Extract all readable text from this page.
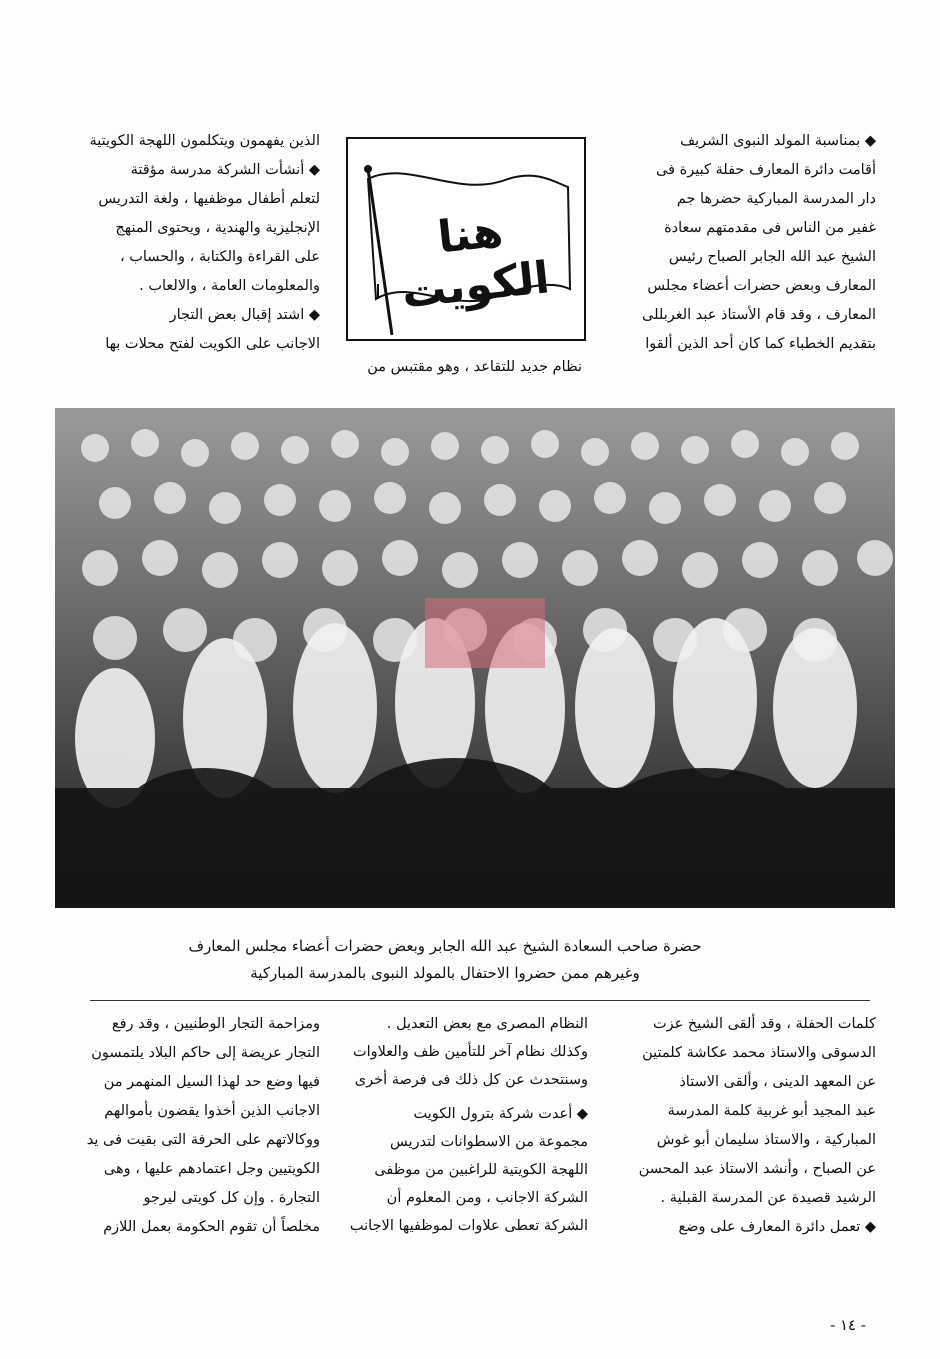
◆ بمناسبة المولد النبوى الشريف

أقامت دائرة المعارف حفلة كبيرة فى

دار المدرسة المباركية حضرها جم

غفير من الناس فى مقدمتهم سعادة

الشيخ عبد الله الجابر الصباح رئيس

المعارف وبعض حضرات أعضاء مجلس

المعارف ، وقد قام الأستاذ عبد الغربللى

بتقديم الخطباء كما كان أحد الذين ألقوا

هنا الكويت

نظام جديد للتقاعد ، وهو مقتبس من

الذين يفهمون ويتكلمون اللهجة الكويتية

◆ أنشأت الشركة مدرسة مؤقتة

لتعلم أطفال موظفيها ، ولغة التدريس

الإنجليزية والهندية ، ويحتوى المنهج

على القراءة والكتابة ، والحساب ،

والمعلومات العامة ، والالعاب .

◆ اشتد إقبال بعض التجار

الاجانب على الكويت لفتح محلات بها

حضرة صاحب السعادة الشيخ عبد الله الجابر وبعض حضرات أعضاء مجلس المعارف
وغيرهم ممن حضروا الاحتفال بالمولد النبوى بالمدرسة المباركية

كلمات الحفلة ، وقد ألقى الشيخ عزت

الدسوقى والاستاذ محمد عكاشة كلمتين

عن المعهد الدينى ، وألقى الاستاذ

عبد المجيد أبو غربية كلمة المدرسة

المباركية ، والاستاذ سليمان أبو غوش

عن الصباح ، وأنشد الاستاذ عبد المحسن

الرشيد قصيدة عن المدرسة القبلية .

◆ تعمل دائرة المعارف على وضع

النظام المصرى مع بعض التعديل .

وكذلك نظام آخر للتأمين ظف والعلاوات

وسنتحدث عن كل ذلك فى فرصة أخرى

◆ أعدت شركة بترول الكويت

مجموعة من الاسطوانات لتدريس

اللهجة الكويتية للراغبين من موظفى

الشركة الاجانب ، ومن المعلوم أن

الشركة تعطى علاوات لموظفيها الاجانب

ومزاحمة التجار الوطنيين ، وقد رفع

التجار عريضة إلى حاكم البلاد يلتمسون

فيها وضع حد لهذا السيل المنهمر من

الاجانب الذين أخذوا يقضون بأموالهم

ووكالاتهم على الحرفة التى بقيت فى يد

الكويتيين وجل اعتمادهم عليها ، وهى

التجارة . وإن كل كويتى ليرجو

مخلصاً أن تقوم الحكومة بعمل اللازم

- ١٤ -
